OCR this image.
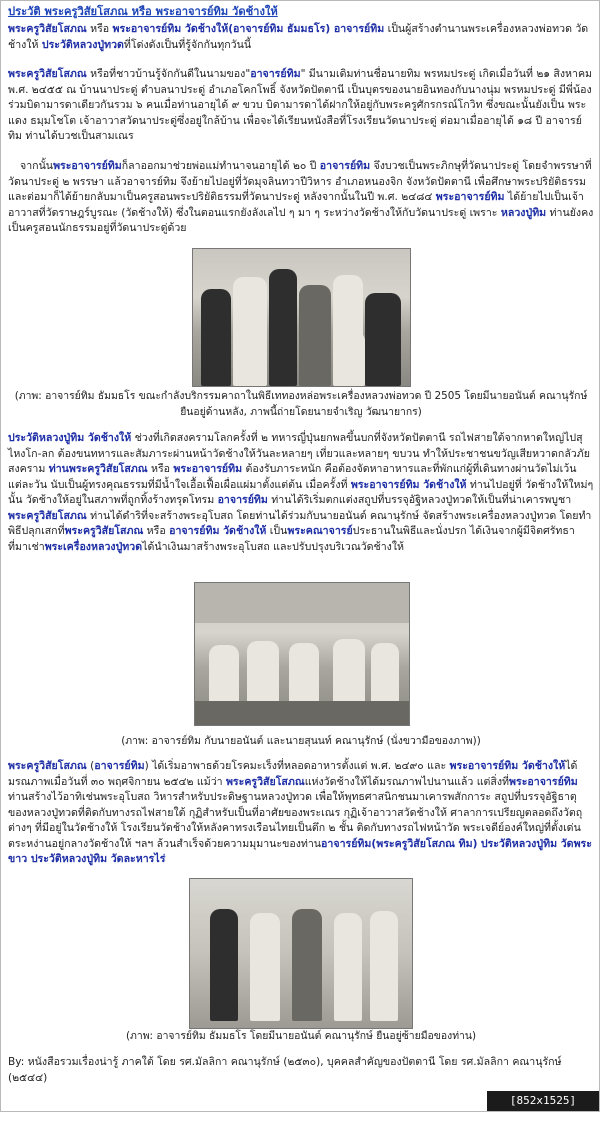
ประวัติ พระครูวิสัยโสภณ หรือ พระอาจารย์ทิม วัดช้างให้

พระครูวิสัยโสภณ หรือ พระอาจารย์ทิม วัดช้างให้(อาจารย์ทิม ธัมมธโร) อาจารย์ทิม เป็นผู้สร้างตำนานพระเครื่องหลวงพ่อทวด วัดช้างให้ ประวัติหลวงปู่ทวดที่โด่งดังเป็นที่รู้จักกันทุกวันนี้

พระครูวิสัยโสภณ หรือที่ชาวบ้านรู้จักกันดีในนามของ"อาจารย์ทิม" มีนามเดิมท่านชื่อนายทิม พรหมประดู่ เกิดเมื่อวันที่ ๒๑ สิงหาคม พ.ศ. ๒๔๕๕ ณ บ้านนาประดู่ ตำบลนาประดู่ อำเภอโคกโพธิ์ จังหวัดปัตตานี เป็นบุตรของนายอินทองกับนางนุ่ม พรหมประดู่ มีพี่น้องร่วมบิดามารดาเดียวกันรวม ๖ คนเมื่อท่านอายุได้ ๙ ขวบ บิดามารดาได้ฝากให้อยู่กับพระครูศักรกรณ์โกวิท ซึ่งขณะนั้นยังเป็น พระแดง ธมฺมโชโต เจ้าอาวาสวัดนาประดู่ซึ่งอยู่ใกล้บ้าน เพื่อจะได้เรียนหนังสือที่โรงเรียนวัดนาประดู่ ต่อมาเมื่ออายุได้ ๑๘ ปี อาจารย์ทิม ท่านได้บวชเป็นสามเณร

จากนั้นพระอาจารย์ทิมก็ลาออกมาช่วยพ่อแม่ทำนาจนอายุได้ ๒๐ ปี อาจารย์ทิม จึงบวชเป็นพระภิกษุที่วัดนาประดู่ โดยจำพรรษาที่วัดนาประดู่ ๒ พรรษา แล้วอาจารย์ทิม จึงย้ายไปอยู่ที่วัดมุจลินทวาปีวิหาร อำเภอหนองจิก จังหวัดปัตตานี เพื่อศึกษาพระปริยัติธรรม และต่อมาก็ได้ย้ายกลับมาเป็นครูสอนพระปริยัติธรรมที่วัดนาประดู่ หลังจากนั้นในปี พ.ศ. ๒๔๘๔ พระอาจารย์ทิม ได้ย้ายไปเป็นเจ้าอาวาสที่วัดราษฎร์บูรณะ (วัดช้างให้) ซึ่งในตอนแรกยังลังเลไป ๆ มา ๆ ระหว่างวัดช้างให้กับวัดนาประดู่ เพราะ หลวงปู่ทิม ท่านยังคงเป็นครูสอนนักธรรมอยู่ที่วัดนาประดู่ด้วย

(ภาพ: อาจารย์ทิม ธัมมธโร ขณะกำลังบริกรรมคาถาในพิธีเททองหล่อพระเครื่องหลวงพ่อทวด ปี 2505 โดยมีนายอนันต์ คณานุรักษ์ ยืนอยู่ด้านหลัง, ภาพนี้ถ่ายโดยนายจำเริญ วัฒนายากร)

ประวัติหลวงปู่ทิม วัดช้างให้ ช่วงที่เกิดสงครามโลกครั้งที่ ๒ ทหารญี่ปุ่นยกพลขึ้นบกที่จังหวัดปัตตานี รถไฟสายใต้จากหาดใหญ่ไปสุไหงโก-ลก ต้องขนทหารและสัมภาระผ่านหน้าวัดช้างให้วันละหลายๆ เที่ยวและหลายๆ ขบวน ทำให้ประชาชนขวัญเสียหวาดกลัวภัยสงคราม ท่านพระครูวิสัยโสภณ หรือ พระอาจารย์ทิม ต้องรับภาระหนัก คือต้องจัดหาอาหารและที่พักแก่ผู้ที่เดินทางผ่านวัดไม่เว้นแต่ละวัน นับเป็นผู้ทรงคุณธรรมที่มีน้ำใจเอื้อเฟื้อเผื่อแผ่มาตั้งแต่ต้น เมื่อครั้งที่ พระอาจารย์ทิม วัดช้างให้ ท่านไปอยู่ที่ วัดช้างให้ใหม่ๆนั้น วัดช้างให้อยู่ในสภาพที่ถูกทิ้งร้างทรุดโทรม อาจารย์ทิม ท่านได้ริเริ่มตกแต่งสถูปที่บรรจุอัฐิหลวงปู่ทวดให้เป็นที่น่าเคารพบูชา พระครูวิสัยโสภณ ท่านได้ดำริที่จะสร้างพระอุโบสถ โดยท่านได้ร่วมกับนายอนันต์ คณานุรักษ์ จัดสร้างพระเครื่องหลวงปู่ทวด โดยทำพิธีปลุกเสกที่พระครูวิสัยโสภณ หรือ อาจารย์ทิม วัดช้างให้ เป็นพระคณาจารย์ประธานในพิธีและนั่งปรก ได้เงินจากผู้มีจิตศรัทธาที่มาเช่าพระเครื่องหลวงปู่ทวดได้นำเงินมาสร้างพระอุโบสถ และปรับปรุงบริเวณวัดช้างให้

(ภาพ: อาจารย์ทิม กับนายอนันต์ และนายสุนนท์ คณานุรักษ์ (นั่งขวามือของภาพ))

พระครูวิสัยโสภณ (อาจารย์ทิม) ได้เริ่มอาพาธด้วยโรคมะเร็งที่หลอดอาหารตั้งแต่ พ.ศ. ๒๔๙๐ และ พระอาจารย์ทิม วัดช้างให้ได้มรณภาพเมื่อวันที่ ๓๐ พฤศจิกายน ๒๕๔๒ แม้ว่า พระครูวิสัยโสภณแห่งวัดช้างให้ได้มรณภาพไปนานแล้ว แต่สิ่งที่พระอาจารย์ทิมท่านสร้างไว้อาทิเช่นพระอุโบสถ วิหารสำหรับประดิษฐานหลวงปู่ทวด เพื่อให้พุทธศาสนิกชนมาเคารพสักการะ สถูปที่บรรจุอัฐิธาตุของหลวงปู่ทวดที่ติดกับทางรถไฟสายใต้ กุฏิสำหรับเป็นที่อาศัยของพระเณร กุฏิเจ้าอาวาสวัดช้างให้ ศาลาการเปรียญตลอดถึงวัตถุต่างๆ ที่มีอยู่ในวัดช้างให้ โรงเรียนวัดช้างให้หลังคาทรงเรือนไทยเป็นตึก ๒ ชั้น ติดกับทางรถไฟหน้าวัด พระเจดีย์องค์ใหญ่ที่ตั้งเด่นตระหง่านอยู่กลางวัดช้างให้ ฯลฯ ล้วนสำเร็จด้วยความมุมานะของท่านอาจารย์ทิม(พระครูวิสัยโสภณ ทิม) ประวัติหลวงปู่ทิม วัดพระขาว ประวัติหลวงปู่ทิม วัดละหารไร่

(ภาพ: อาจารย์ทิม ธัมมธโร โดยมีนายอนันต์ คณานุรักษ์ ยืนอยู่ซ้ายมือของท่าน)

By: หนังสือรวมเรื่องน่ารู้ ภาคใต้ โดย รศ.มัลลิกา คณานุรักษ์ (๒๕๓๐), บุคคลสำคัญของปัตตานี โดย รศ.มัลลิกา คณานุรักษ์ (๒๕๔๔)

[852x1525] http://upic.me/
